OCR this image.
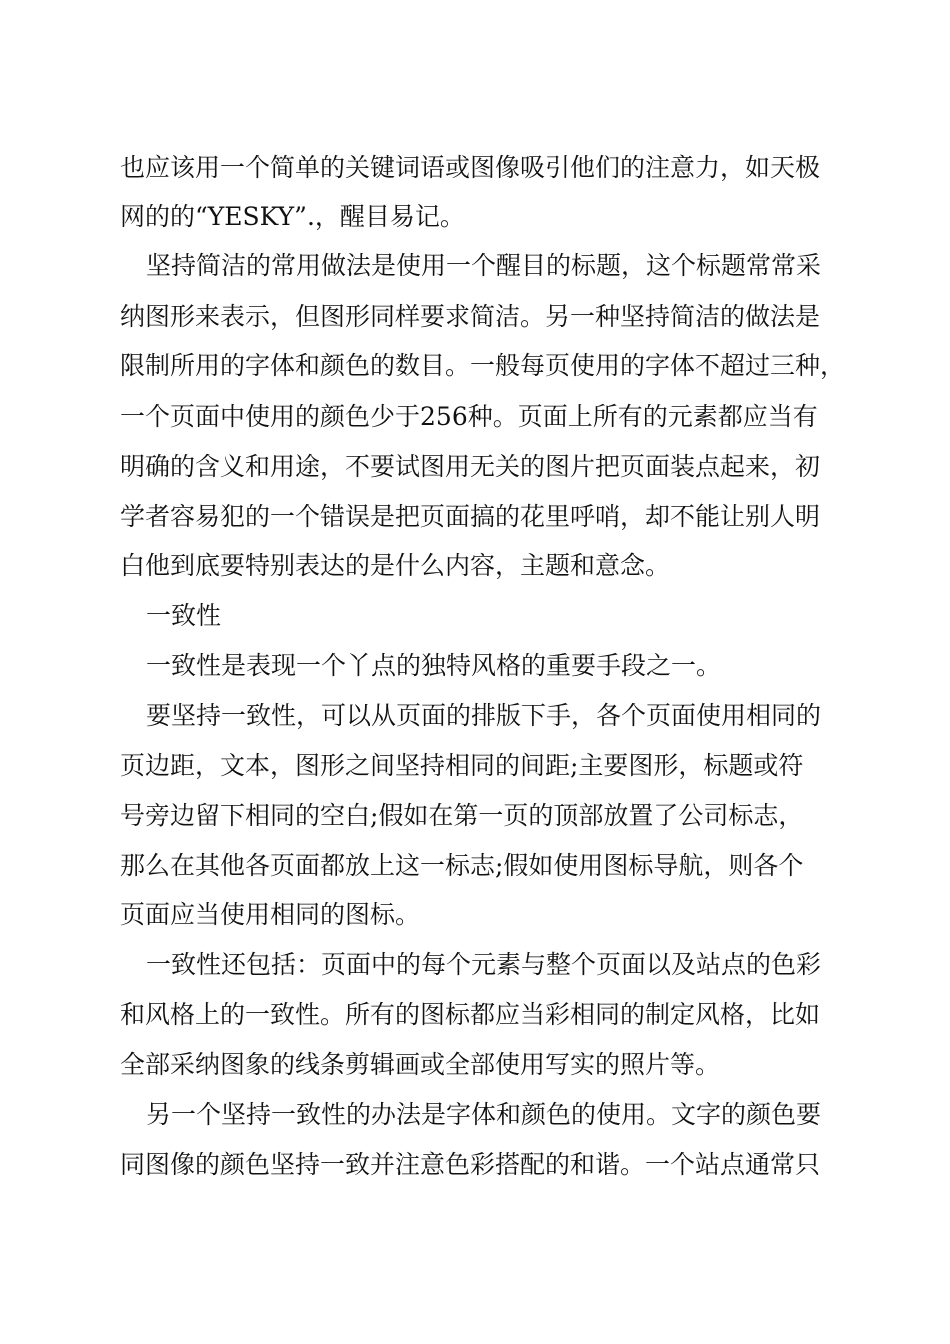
也应该用一个简单的关键词语或图像吸引他们的注意力，如天极
网的的“YESKY”.，醒目易记。
坚持简洁的常用做法是使用一个醒目的标题，这个标题常常采
纳图形来表示，但图形同样要求简洁。另一种坚持简洁的做法是
限制所用的字体和颜色的数目。一般每页使用的字体不超过三种，
一个页面中使用的颜色少于256种。页面上所有的元素都应当有
明确的含义和用途，不要试图用无关的图片把页面装点起来，初
学者容易犯的一个错误是把页面搞的花里呼哨，却不能让别人明
白他到底要特别表达的是什么内容，主题和意念。
一致性
一致性是表现一个丫点的独特风格的重要手段之一。
要坚持一致性，可以从页面的排版下手，各个页面使用相同的
页边距，文本，图形之间坚持相同的间距;主要图形，标题或符
号旁边留下相同的空白;假如在第一页的顶部放置了公司标志，
那么在其他各页面都放上这一标志;假如使用图标导航，则各个
页面应当使用相同的图标。
一致性还包括：页面中的每个元素与整个页面以及站点的色彩
和风格上的一致性。所有的图标都应当彩相同的制定风格，比如
全部采纳图象的线条剪辑画或全部使用写实的照片等。
另一个坚持一致性的办法是字体和颜色的使用。文字的颜色要
同图像的颜色坚持一致并注意色彩搭配的和谐。一个站点通常只
